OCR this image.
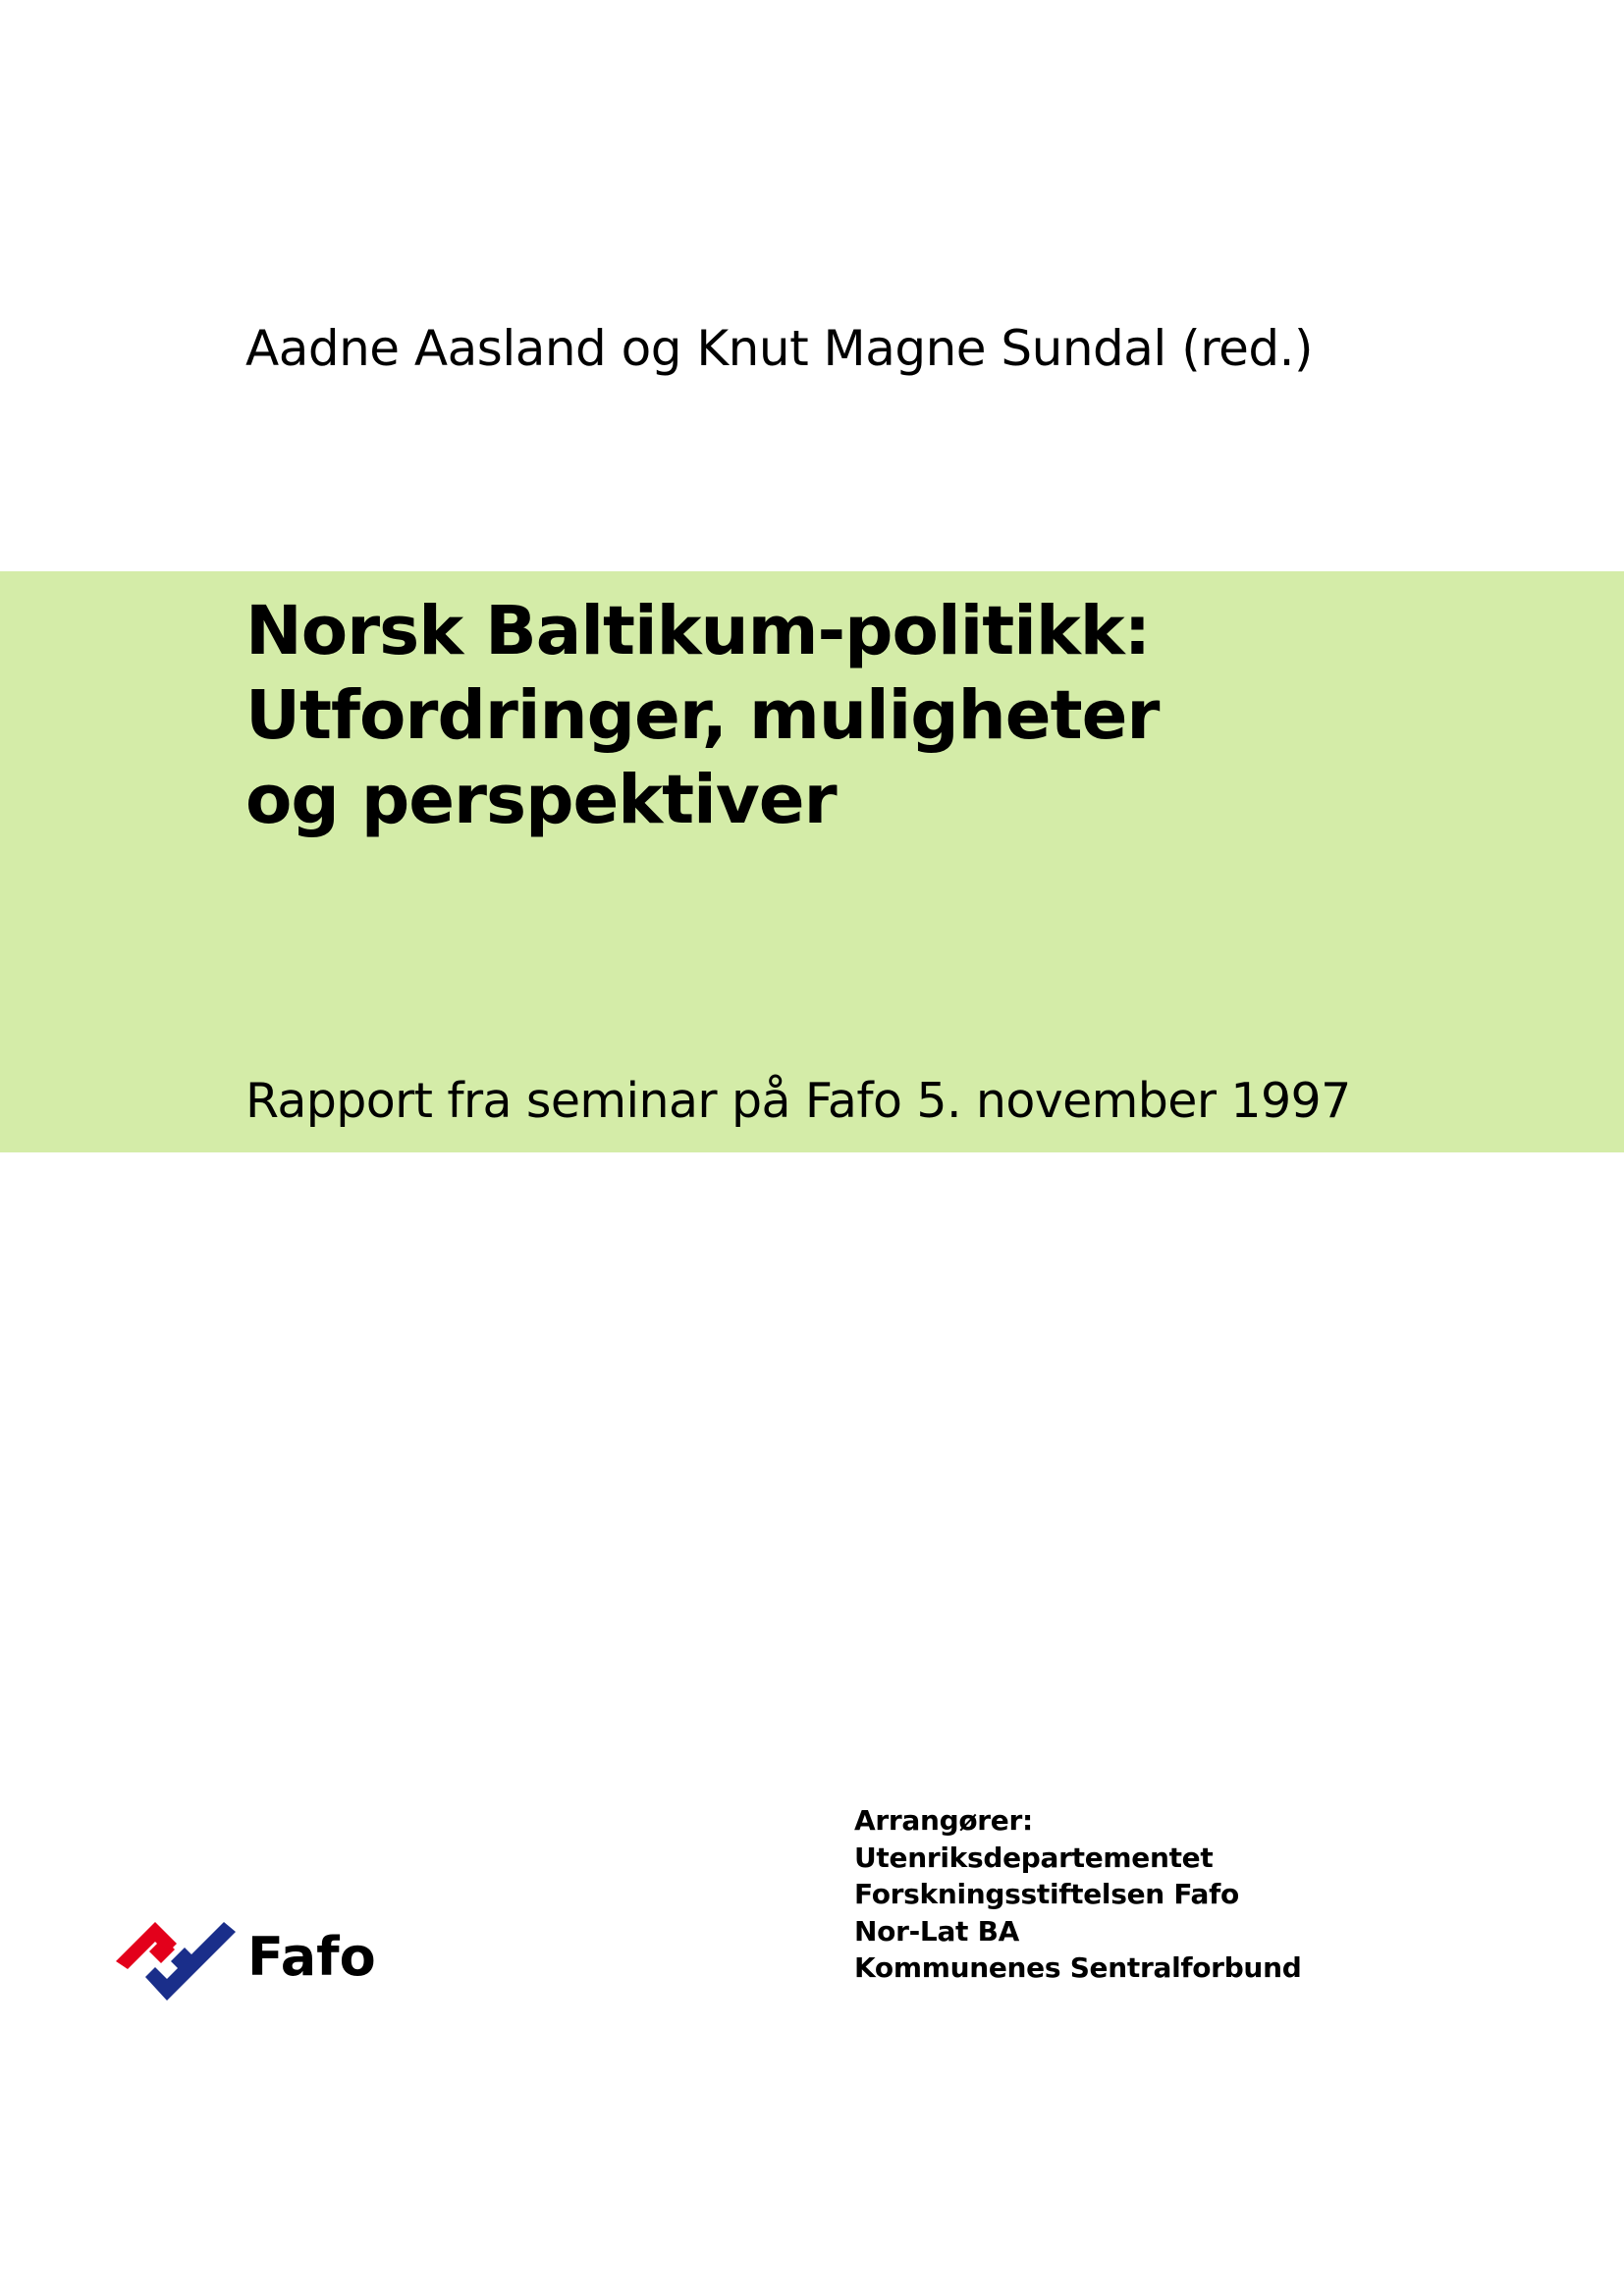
Aadne Aasland og Knut Magne Sundal (red.)
Norsk Baltikum-politikk:
Utfordringer, muligheter
og perspektiver
Rapport fra seminar på Fafo 5. november 1997
Fafo
Arrangører:
Utenriksdepartementet
Forskningsstiftelsen Fafo
Nor-Lat BA
Kommunenes Sentralforbund
